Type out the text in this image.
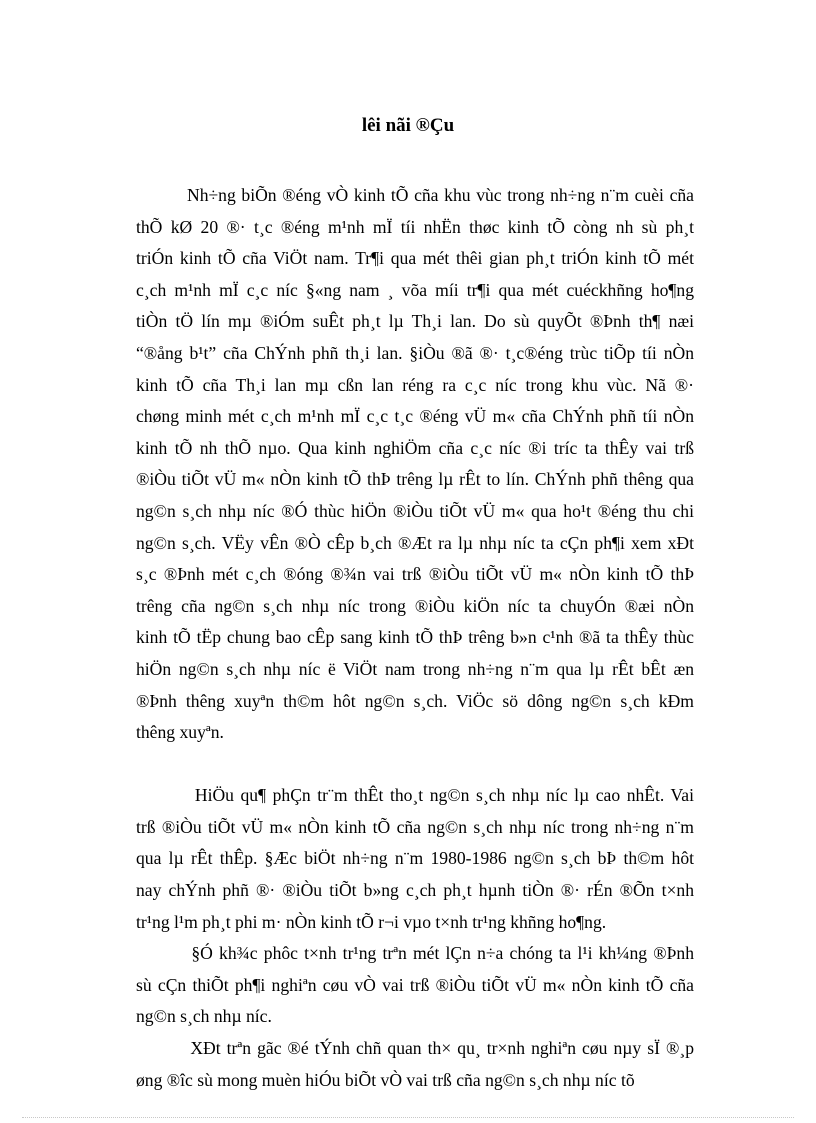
lêi nãi ®Çu
Nh÷ng biÕn ®éng vÒ kinh tÕ cña khu vùc trong nh÷ng n¨m cuèi cña
thÕ kØ 20 ®· t¸c ®éng m¹nh mÏ tíi nhËn thøc kinh tÕ còng nh sù ph¸t
triÓn kinh tÕ cña ViÖt nam. Tr¶i qua mét thêi gian ph¸t triÓn kinh tÕ mét
c¸ch m¹nh mÏ c¸c níc §«ng nam ¸ võa míi tr¶i qua mét cuéckhñng ho¶ng
tiÒn tÖ lín mµ ®iÓm suÊt ph¸t lµ Th¸i lan. Do sù quyÕt ®Þnh th¶ næi
“®ång b¹t” cña ChÝnh phñ th¸i lan. §iÒu ®ã ®· t¸c®éng trùc tiÕp tíi nÒn
kinh tÕ cña Th¸i lan mµ cßn lan réng ra c¸c níc trong khu vùc. Nã ®·
chøng minh mét c¸ch m¹nh mÏ c¸c t¸c ®éng vÜ m« cña ChÝnh phñ tíi nÒn
kinh tÕ nh thÕ nµo. Qua kinh nghiÖm cña c¸c níc ®i tríc ta thÊy vai trß
®iÒu tiÕt vÜ m« nÒn kinh tÕ thÞ trêng lµ rÊt to lín. ChÝnh phñ thêng qua
ng©n s¸ch nhµ níc ®Ó thùc hiÖn ®iÒu tiÕt vÜ m« qua ho¹t ®éng thu chi
ng©n s¸ch. VËy vÊn ®Ò cÊp b¸ch ®Æt ra lµ nhµ níc ta cÇn ph¶i xem xÐt
s¸c ®Þnh mét c¸ch ®óng ®¾n vai trß ®iÒu tiÕt vÜ m« nÒn kinh tÕ thÞ
trêng cña ng©n s¸ch nhµ níc trong ®iÒu kiÖn níc ta chuyÓn ®æi nÒn
kinh tÕ tËp chung bao cÊp sang kinh tÕ thÞ trêng b»n c¹nh ®ã ta thÊy thùc
hiÖn ng©n s¸ch nhµ níc ë ViÖt nam trong nh÷ng n¨m qua lµ rÊt bÊt æn
®Þnh thêng xuyªn th©m hôt ng©n s¸ch. ViÖc sö dông ng©n s¸ch kÐm
thêng xuyªn.
HiÖu qu¶ phÇn tr¨m thÊt tho¸t ng©n s¸ch nhµ níc lµ cao nhÊt. Vai
trß ®iÒu tiÕt vÜ m« nÒn kinh tÕ cña ng©n s¸ch nhµ níc trong nh÷ng n¨m
qua lµ rÊt thÊp. §Æc biÖt nh÷ng n¨m 1980-1986 ng©n s¸ch bÞ th©m hôt
nay chÝnh phñ ®· ®iÒu tiÕt b»ng c¸ch ph¸t hµnh tiÒn ®· rÉn ®Õn t×nh
tr¹ng l¹m ph¸t phi m· nÒn kinh tÕ r¬i vµo t×nh tr¹ng khñng ho¶ng.
§Ó kh¾c phôc t×nh tr¹ng trªn mét lÇn n÷a chóng ta l¹i kh¼ng ®Þnh
sù cÇn thiÕt ph¶i nghiªn cøu vÒ vai trß ®iÒu tiÕt vÜ m« nÒn kinh tÕ cña
ng©n s¸ch nhµ níc.
XÐt trªn gãc ®é tÝnh chñ quan th× qu¸ tr×nh nghiªn cøu nµy sÏ ®¸p
øng ®îc sù mong muèn hiÓu biÕt vÒ vai trß cña ng©n s¸ch nhµ níc tõ
